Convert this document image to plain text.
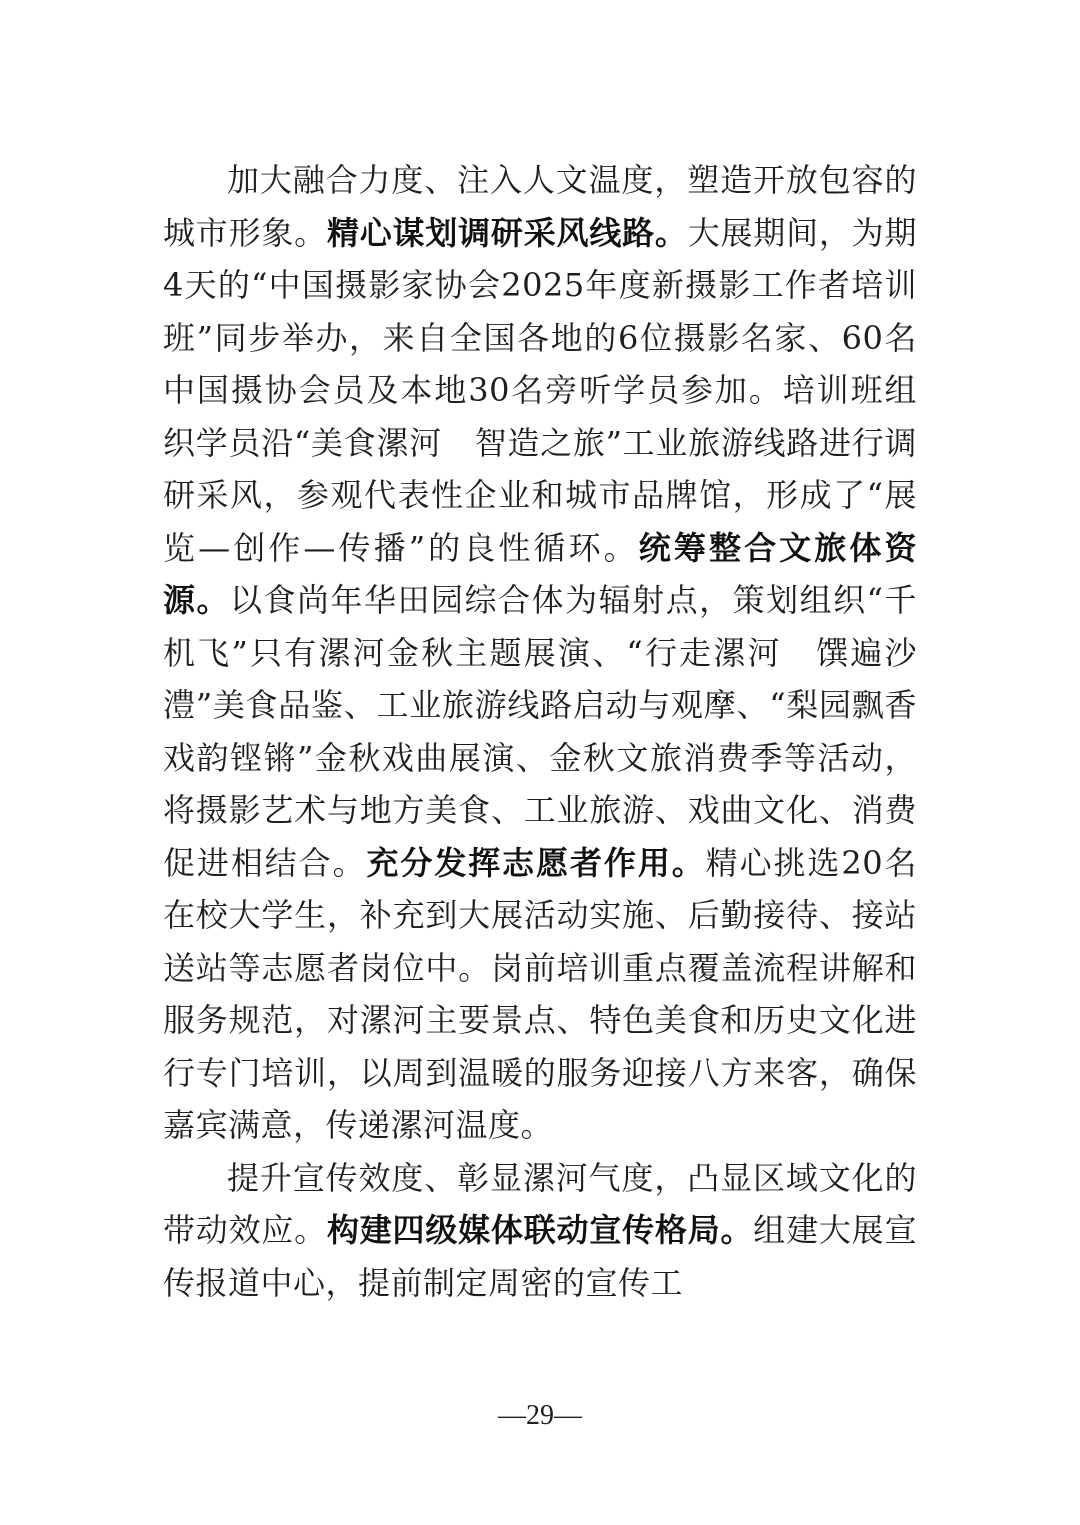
加大融合力度、注入人文温度，塑造开放包容的城市形象。精心谋划调研采风线路。大展期间，为期4天的“中国摄影家协会2025年度新摄影工作者培训班”同步举办，来自全国各地的6位摄影名家、60名中国摄协会员及本地30名旁听学员参加。培训班组织学员沿“美食漯河　智造之旅”工业旅游线路进行调研采风，参观代表性企业和城市品牌馆，形成了“展览—创作—传播”的良性循环。统筹整合文旅体资源。以食尚年华田园综合体为辐射点，策划组织“千机飞”只有漯河金秋主题展演、“行走漯河　馔遍沙澧”美食品鉴、工业旅游线路启动与观摩、“梨园飘香　戏韵铿锵”金秋戏曲展演、金秋文旅消费季等活动，将摄影艺术与地方美食、工业旅游、戏曲文化、消费促进相结合。充分发挥志愿者作用。精心挑选20名在校大学生，补充到大展活动实施、后勤接待、接站送站等志愿者岗位中。岗前培训重点覆盖流程讲解和服务规范，对漯河主要景点、特色美食和历史文化进行专门培训，以周到温暖的服务迎接八方来客，确保嘉宾满意，传递漯河温度。

提升宣传效度、彰显漯河气度，凸显区域文化的带动效应。构建四级媒体联动宣传格局。组建大展宣传报道中心，提前制定周密的宣传工

—29—
